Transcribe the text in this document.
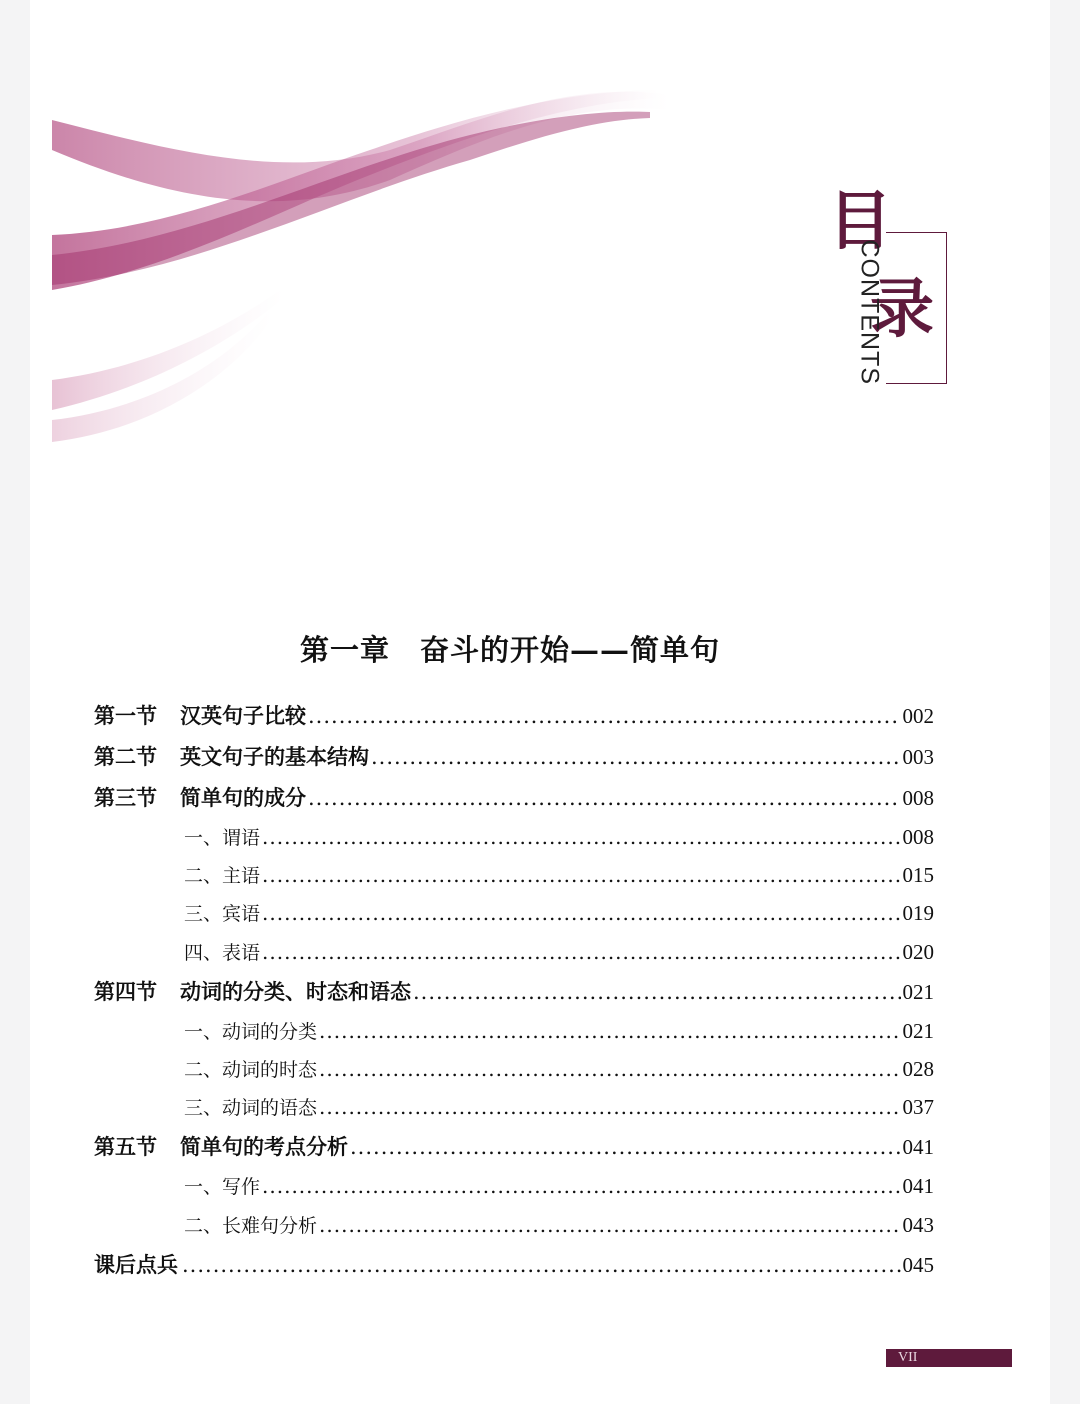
目
录
CONTENTS
第一章　奋斗的开始——简单句
第一节 汉英句子比较 .....	002
第二节 英文句子的基本结构 .....	003
第三节 简单句的成分 .....	008
一、谓语 .....	008
二、主语 .....	015
三、宾语 .....	019
四、表语 .....	020
第四节 动词的分类、时态和语态 .....	021
一、动词的分类 .....	021
二、动词的时态 .....	028
三、动词的语态 .....	037
第五节 简单句的考点分析 .....	041
一、写作 .....	041
二、长难句分析 .....	043
课后点兵 .....	045
VII
